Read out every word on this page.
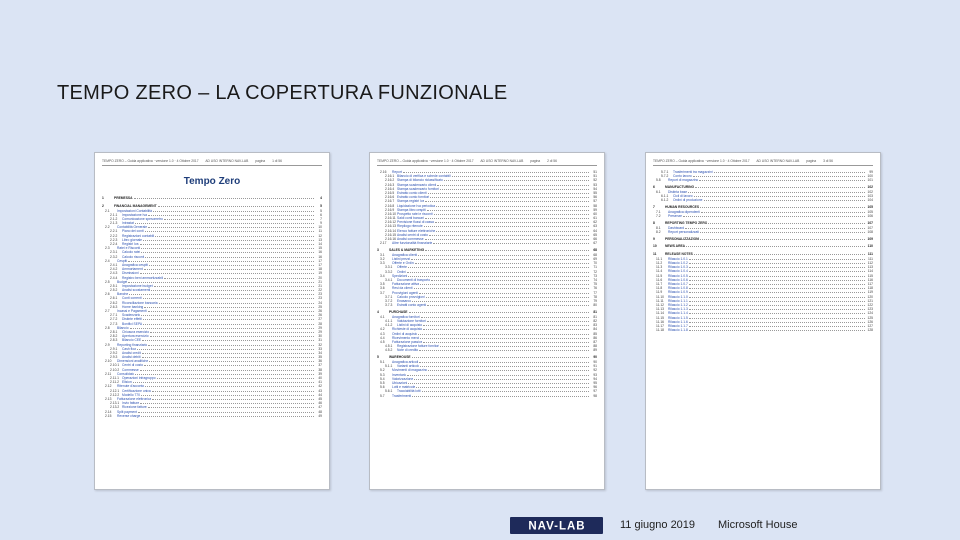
TEMPO ZERO – LA COPERTURA FUNZIONALE
TEMPO ZERO – Guida applicativa · versione 1.0 · 4 Ottobre 2017 AD USO INTERNO NAV-LAB pagina 1 di 56
Tempo Zero
1	PREMESSA	4
2	FINANCIAL MANAGEMENT	5
2.1	Impostazioni Contabilità	5
2.1.1	Impostazione Iva	6
2.1.2	Comunicazione spesometro	7
2.1.3	Intrastat	9
2.2	Contabilità Generale	10
2.2.1	Piano dei conti	11
2.2.2	Registrazioni contabili	12
2.2.3	Libro giornale	13
2.2.4	Registri Iva	14
2.3	Ratei e Risconti	15
2.3.1	Calcolo ratei	16
2.3.2	Calcolo risconti	16
2.4	Cespiti	17
2.4.1	Anagrafica cespiti	17
2.4.2	Ammortamenti	18
2.4.3	Dismissioni	19
2.4.4	Registro beni ammortizzabili	20
2.5	Budget	21
2.5.1	Impostazione budget	21
2.5.2	Analisi scostamenti	22
2.6	Banche	23
2.6.1	Conti correnti	23
2.6.2	Riconciliazione bancaria	24
2.6.3	Home banking	25
2.7	Incassi e Pagamenti	26
2.7.1	Scadenzario	26
2.7.2	Distinte effetti	27
2.7.3	Bonifici SEPA	28
2.8	Bilancio	29
2.8.1	Chiusura esercizio	29
2.8.2	Apertura esercizio	30
2.8.3	Bilancio CEE	31
2.9	Reporting finanziario	32
2.9.1	Cash flow	33
2.9.2	Analisi crediti	34
2.9.3	Analisi debiti	35
2.10	Dimensioni analitiche	36
2.10.1 Centri di costo	37
2.10.2 Commesse	38
2.11	Consolidato	39
2.11.1 Operazioni infragruppo	40
2.11.2 Elisioni	41
2.12	Ritenute d'acconto	42
2.12.1 Certificazione unica	43
2.12.2 Modello 770	44
2.13	Fatturazione elettronica	45
2.13.1 Invio fatture	46
2.13.2 Ricezione fatture	47
2.14	Split payment	48
2.15	Reverse charge	49
TEMPO ZERO – Guida applicativa · versione 1.0 · 4 Ottobre 2017 AD USO INTERNO NAV-LAB pagina 2 di 56
2.16	Report	51
2.16.1 Bilancio di verifica e schede contabili	51
2.16.2 Stampa di bilancio riclassificato	52
2.16.3 Stampa scadenzario clienti	53
2.16.4 Stampa scadenzario fornitori	54
2.16.5 Estratto conto clienti	55
2.16.6 Estratto conto fornitori	56
2.16.7 Stampa registri Iva	57
2.16.8 Liquidazione Iva periodica	58
2.16.9 Stampa libro cespiti	59
2.16.10 Prospetto ratei e risconti	60
2.16.11 Saldi conti bancari	61
2.16.12 Previsione flussi di cassa	62
2.16.13 Riepilogo ritenute	63
2.16.14 Elenco fatture elettroniche	64
2.16.15 Analisi centri di costo	65
2.16.16 Analisi commesse	66
2.17	Altre funzionalità finanziarie	67
3	SALES & MARKETING	68
3.1	Anagrafica clienti	68
3.2	Listini prezzi	69
3.3	Offerte e Ordini	70
3.3.1	Offerte	71
3.3.2	Ordini	72
3.4	Spedizioni	73
3.4.1	Documenti di trasporto	74
3.5	Fatturazione attiva	75
3.6	Resi da clienti	76
3.7	Provvigioni agenti	77
3.7.1	Calcolo provvigioni	78
3.7.2	Enasarco	79
3.7.3	Estratti conto agenti	80
4	PURCHASE	81
4.1	Anagrafica fornitori	81
4.1.1	Valutazione fornitori	82
4.1.2	Listini di acquisto	83
4.2	Richieste di acquisto	84
4.3	Ordini di acquisto	85
4.4	Ricevimento merci	86
4.5	Fatturazione passiva	87
4.5.1	Registrazione fatture fornitori	88
4.5.2	Note di credito	89
5	WAREHOUSE	90
5.1	Anagrafica articoli	90
5.1.1	Varianti articolo	91
5.2	Movimenti di magazzino	92
5.3	Inventario	93
5.4	Valorizzazione	94
5.5	Ubicazioni	95
5.6	Lotti e matricole	96
5.6.1	Tracciabilità lotti	97
5.7	Trasferimenti	98
TEMPO ZERO – Guida applicativa · versione 1.0 · 4 Ottobre 2017 AD USO INTERNO NAV-LAB pagina 3 di 56
5.7.1	Trasferimenti tra magazzini	99
5.7.2	Conto lavoro	100
5.8	Report di magazzino	101
6	MANUFACTURING	102
6.1	Distinta base	102
6.1.1	Cicli di lavoro	103
6.1.2	Ordini di produzione	104
7	HUMAN RESOURCES	105
7.1	Anagrafica dipendenti	105
7.2	Presenze	106
8	REPORTING TEMPO ZERO	107
8.1	Dashboard	107
8.2	Report personalizzati	108
9	PERSONALIZZAZIONI	109
10	NEWS AREA	110
11	RELEASE NOTES	111
11.1	Rilascio 1.0.1	111
11.2	Rilascio 1.0.2	112
11.3	Rilascio 1.0.3	113
11.4	Rilascio 1.0.4	114
11.5	Rilascio 1.0.5	115
11.6	Rilascio 1.0.6	116
11.7	Rilascio 1.0.7	117
11.8	Rilascio 1.0.8	118
11.9	Rilascio 1.0.9	119
11.10	Rilascio 1.1.0	120
11.11	Rilascio 1.1.1	121
11.12	Rilascio 1.1.2	122
11.13	Rilascio 1.1.3	123
11.14	Rilascio 1.1.4	124
11.15	Rilascio 1.1.5	125
11.16	Rilascio 1.1.6	126
11.17	Rilascio 1.1.7	127
11.18	Rilascio 1.1.8	128
NAV-LAB	11 giugno 2019 Microsoft House
